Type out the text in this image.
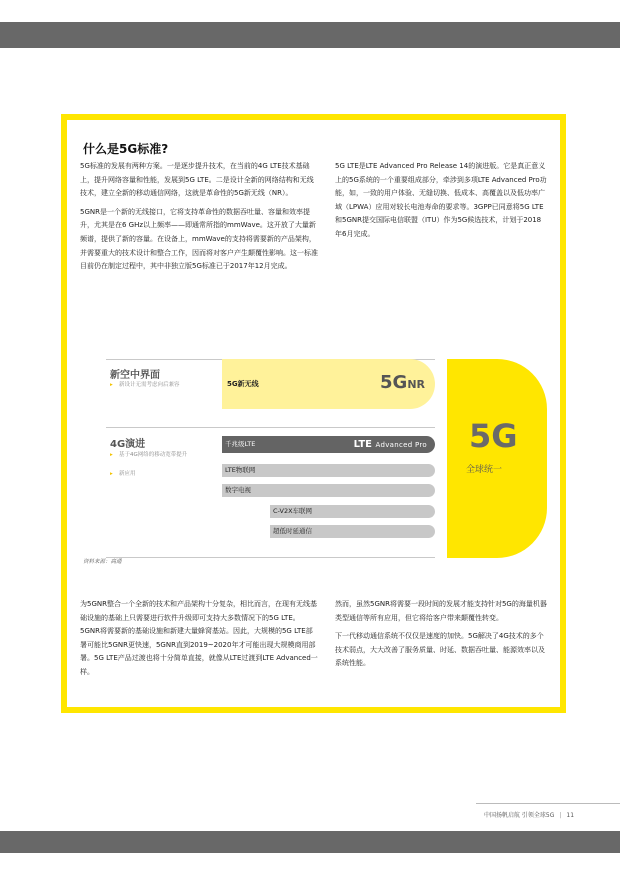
什么是5G标准?

5G标准的发展有两种方案。一是逐步提升技术，在当前的4G LTE技术基础上，提升网络容量和性能，发展到5G LTE。二是设计全新的网络结构和无线技术，建立全新的移动通信网络，这就是革命性的5G新无线（NR）。

5GNR是一个新的无线接口，它将支持革命性的数据吞吐量、容量和效率提升，尤其是在6 GHz以上频率——即通常所指的mmWave。这开放了大量新频谱，提供了新的容量。在设备上，mmWave的支持将需要新的产品架构，并需要重大的技术设计和整合工作，因而将对客户产生颠覆性影响。这一标准目前仍在制定过程中，其中非独立版5G标准已于2017年12月完成。

5G LTE是LTE Advanced Pro Release 14的演进版。它是真正意义上的5G系统的一个重要组成部分，牵涉到多项LTE Advanced Pro功能，如，一致的用户体验、无缝切换、低成本、高覆盖以及低功率广域（LPWA）应用对较长电池寿命的要求等。3GPP已同意将5G LTE和5GNR提交国际电信联盟（ITU）作为5G候选技术，计划于2018年6月完成。

新空中界面
▸ 新设计无需考虑向后兼容	5G新无线	5GNR
4G演进
▸ 基于4G网络的移动宽带提升
▸ 新应用
千兆级LTE	LTE Advanced Pro
LTE物联网
数字电视
C-V2X车联网
超低时延通信
5G
全球统一
资料来源：高通

为5GNR整合一个全新的技术和产品架构十分复杂，相比而言，在现有无线基础设施的基础上只需要进行软件升级即可支持大多数情况下的5G LTE。5GNR将需要新的基础设施和新建大量蜂窝基站。因此，大规模的5G LTE部署可能比5GNR更快速，5GNR直到2019~2020年才可能出现大规模商用部署。5G LTE产品过渡也将十分简单直接，就像从LTE过渡到LTE Advanced一样。

然而，虽然5GNR将需要一段时间的发展才能支持针对5G的海量机器类型通信等所有应用，但它将给客户带来颠覆性转变。

下一代移动通信系统不仅仅是速度的加快。5G解决了4G技术的多个技术弱点，大大改善了服务质量、时延、数据吞吐量、能源效率以及系统性能。

中国扬帆启航 引领全球5G | 11
